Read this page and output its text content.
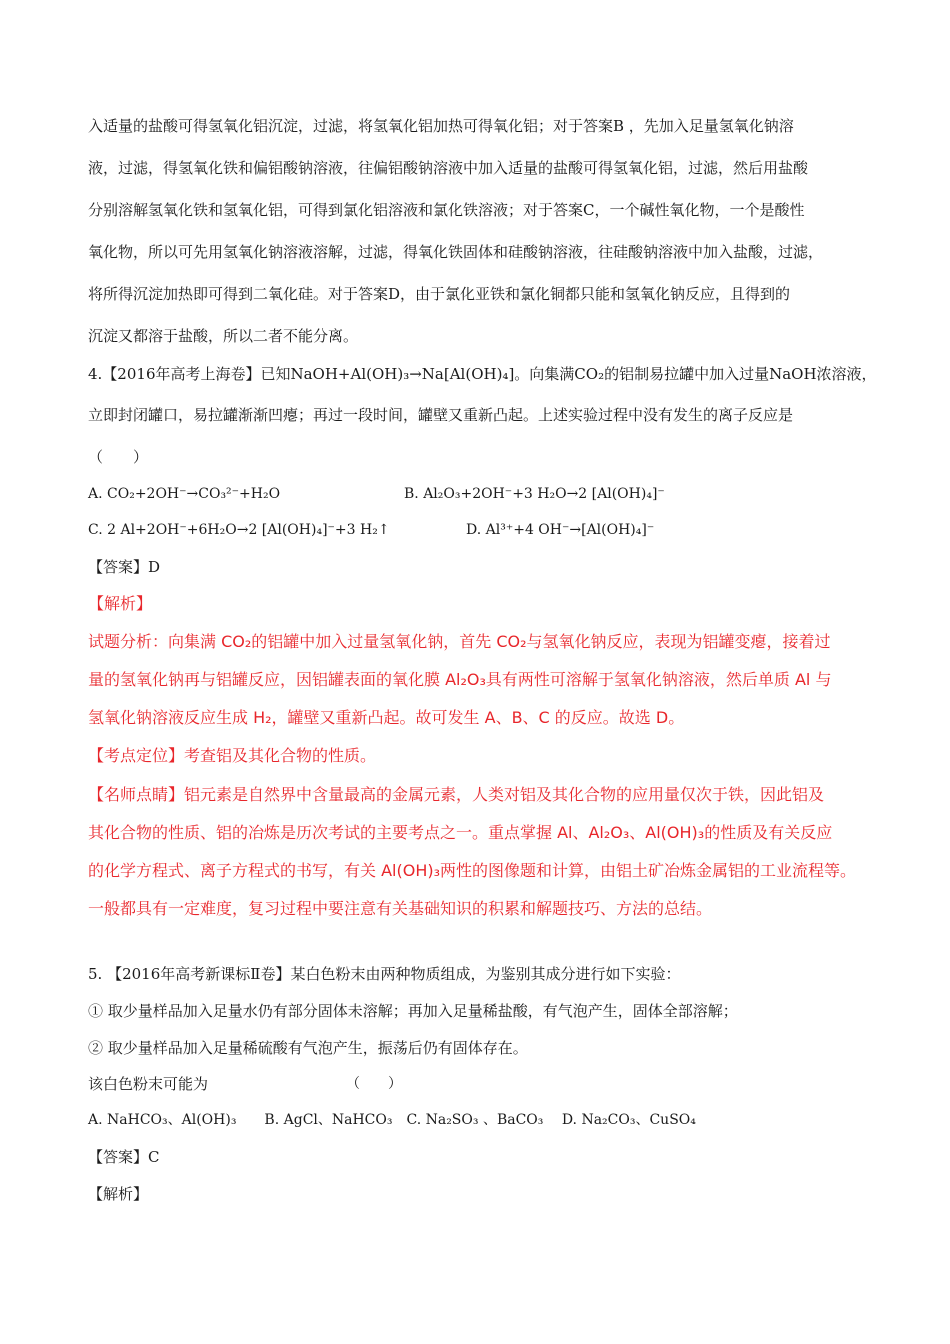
入适量的盐酸可得氢氧化铝沉淀，过滤，将氢氧化铝加热可得氧化铝；对于答案B ，先加入足量氢氧化钠溶
液，过滤，得氢氧化铁和偏铝酸钠溶液，往偏铝酸钠溶液中加入适量的盐酸可得氢氧化铝，过滤，然后用盐酸
分别溶解氢氧化铁和氢氧化铝，可得到氯化铝溶液和氯化铁溶液；对于答案C，一个碱性氧化物，一个是酸性
氧化物，所以可先用氢氧化钠溶液溶解，过滤，得氧化铁固体和硅酸钠溶液，往硅酸钠溶液中加入盐酸，过滤，
将所得沉淀加热即可得到二氧化硅。对于答案D，由于氯化亚铁和氯化铜都只能和氢氧化钠反应，且得到的
沉淀又都溶于盐酸，所以二者不能分离。
4.【2016年高考上海卷】已知NaOH+Al(OH)₃→Na[Al(OH)₄]。向集满CO₂的铝制易拉罐中加入过量NaOH浓溶液，
立即封闭罐口，易拉罐渐渐凹瘪；再过一段时间，罐壁又重新凸起。上述实验过程中没有发生的离子反应是
（　　）
A. CO₂+2OH⁻→CO₃²⁻+H₂O	B. Al₂O₃+2OH⁻+3 H₂O→2 [Al(OH)₄]⁻
C. 2 Al+2OH⁻+6H₂O→2 [Al(OH)₄]⁻+3 H₂↑	D. Al³⁺+4 OH⁻→[Al(OH)₄]⁻
【答案】D
【解析】
试题分析：向集满 CO₂的铝罐中加入过量氢氧化钠，首先 CO₂与氢氧化钠反应，表现为铝罐变瘪，接着过
量的氢氧化钠再与铝罐反应，因铝罐表面的氧化膜 Al₂O₃具有两性可溶解于氢氧化钠溶液，然后单质 Al 与
氢氧化钠溶液反应生成 H₂，罐壁又重新凸起。故可发生 A、B、C 的反应。故选 D。
【考点定位】考查铝及其化合物的性质。
【名师点睛】铝元素是自然界中含量最高的金属元素，人类对铝及其化合物的应用量仅次于铁，因此铝及
其化合物的性质、铝的冶炼是历次考试的主要考点之一。重点掌握 Al、Al₂O₃、Al(OH)₃的性质及有关反应
的化学方程式、离子方程式的书写，有关 Al(OH)₃两性的图像题和计算，由铝土矿冶炼金属铝的工业流程等。
一般都具有一定难度，复习过程中要注意有关基础知识的积累和解题技巧、方法的总结。
5. 【2016年高考新课标Ⅱ卷】某白色粉末由两种物质组成，为鉴别其成分进行如下实验：
① 取少量样品加入足量水仍有部分固体未溶解；再加入足量稀盐酸，有气泡产生，固体全部溶解；
② 取少量样品加入足量稀硫酸有气泡产生，振荡后仍有固体存在。
该白色粉末可能为	（　　）
A. NaHCO₃、Al(OH)₃　　B. AgCl、NaHCO₃　C. Na₂SO₃ 、BaCO₃　 D. Na₂CO₃、CuSO₄
【答案】C
【解析】
